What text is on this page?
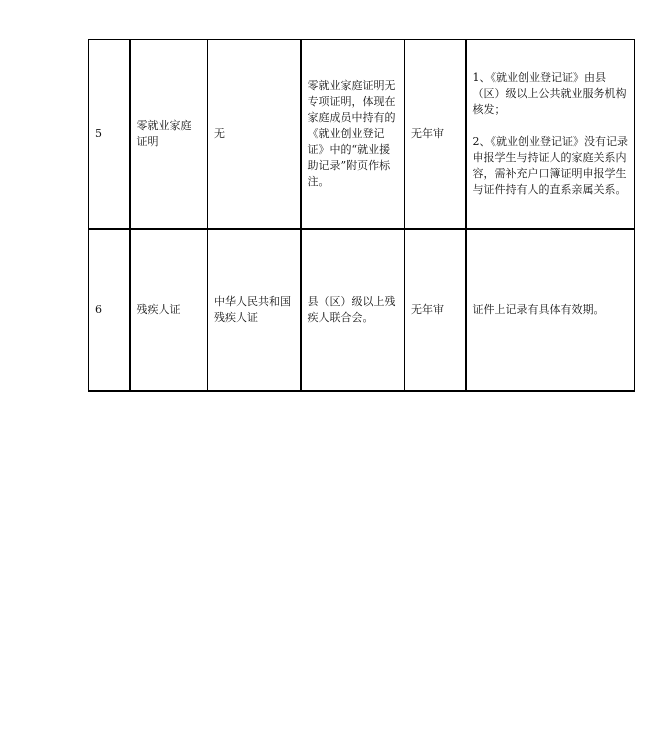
5	零就业家庭证明	无	零就业家庭证明无专项证明，体现在家庭成员中持有的《就业创业登记证》中的“就业援助记录”附页作标注。	无年审	1、《就业创业登记证》由县（区）级以上公共就业服务机构核发；

2、《就业创业登记证》没有记录申报学生与持证人的家庭关系内容，需补充户口簿证明申报学生与证件持有人的直系亲属关系。

6	残疾人证	中华人民共和国残疾人证	县（区）级以上残疾人联合会。	无年审	证件上记录有具体有效期。
